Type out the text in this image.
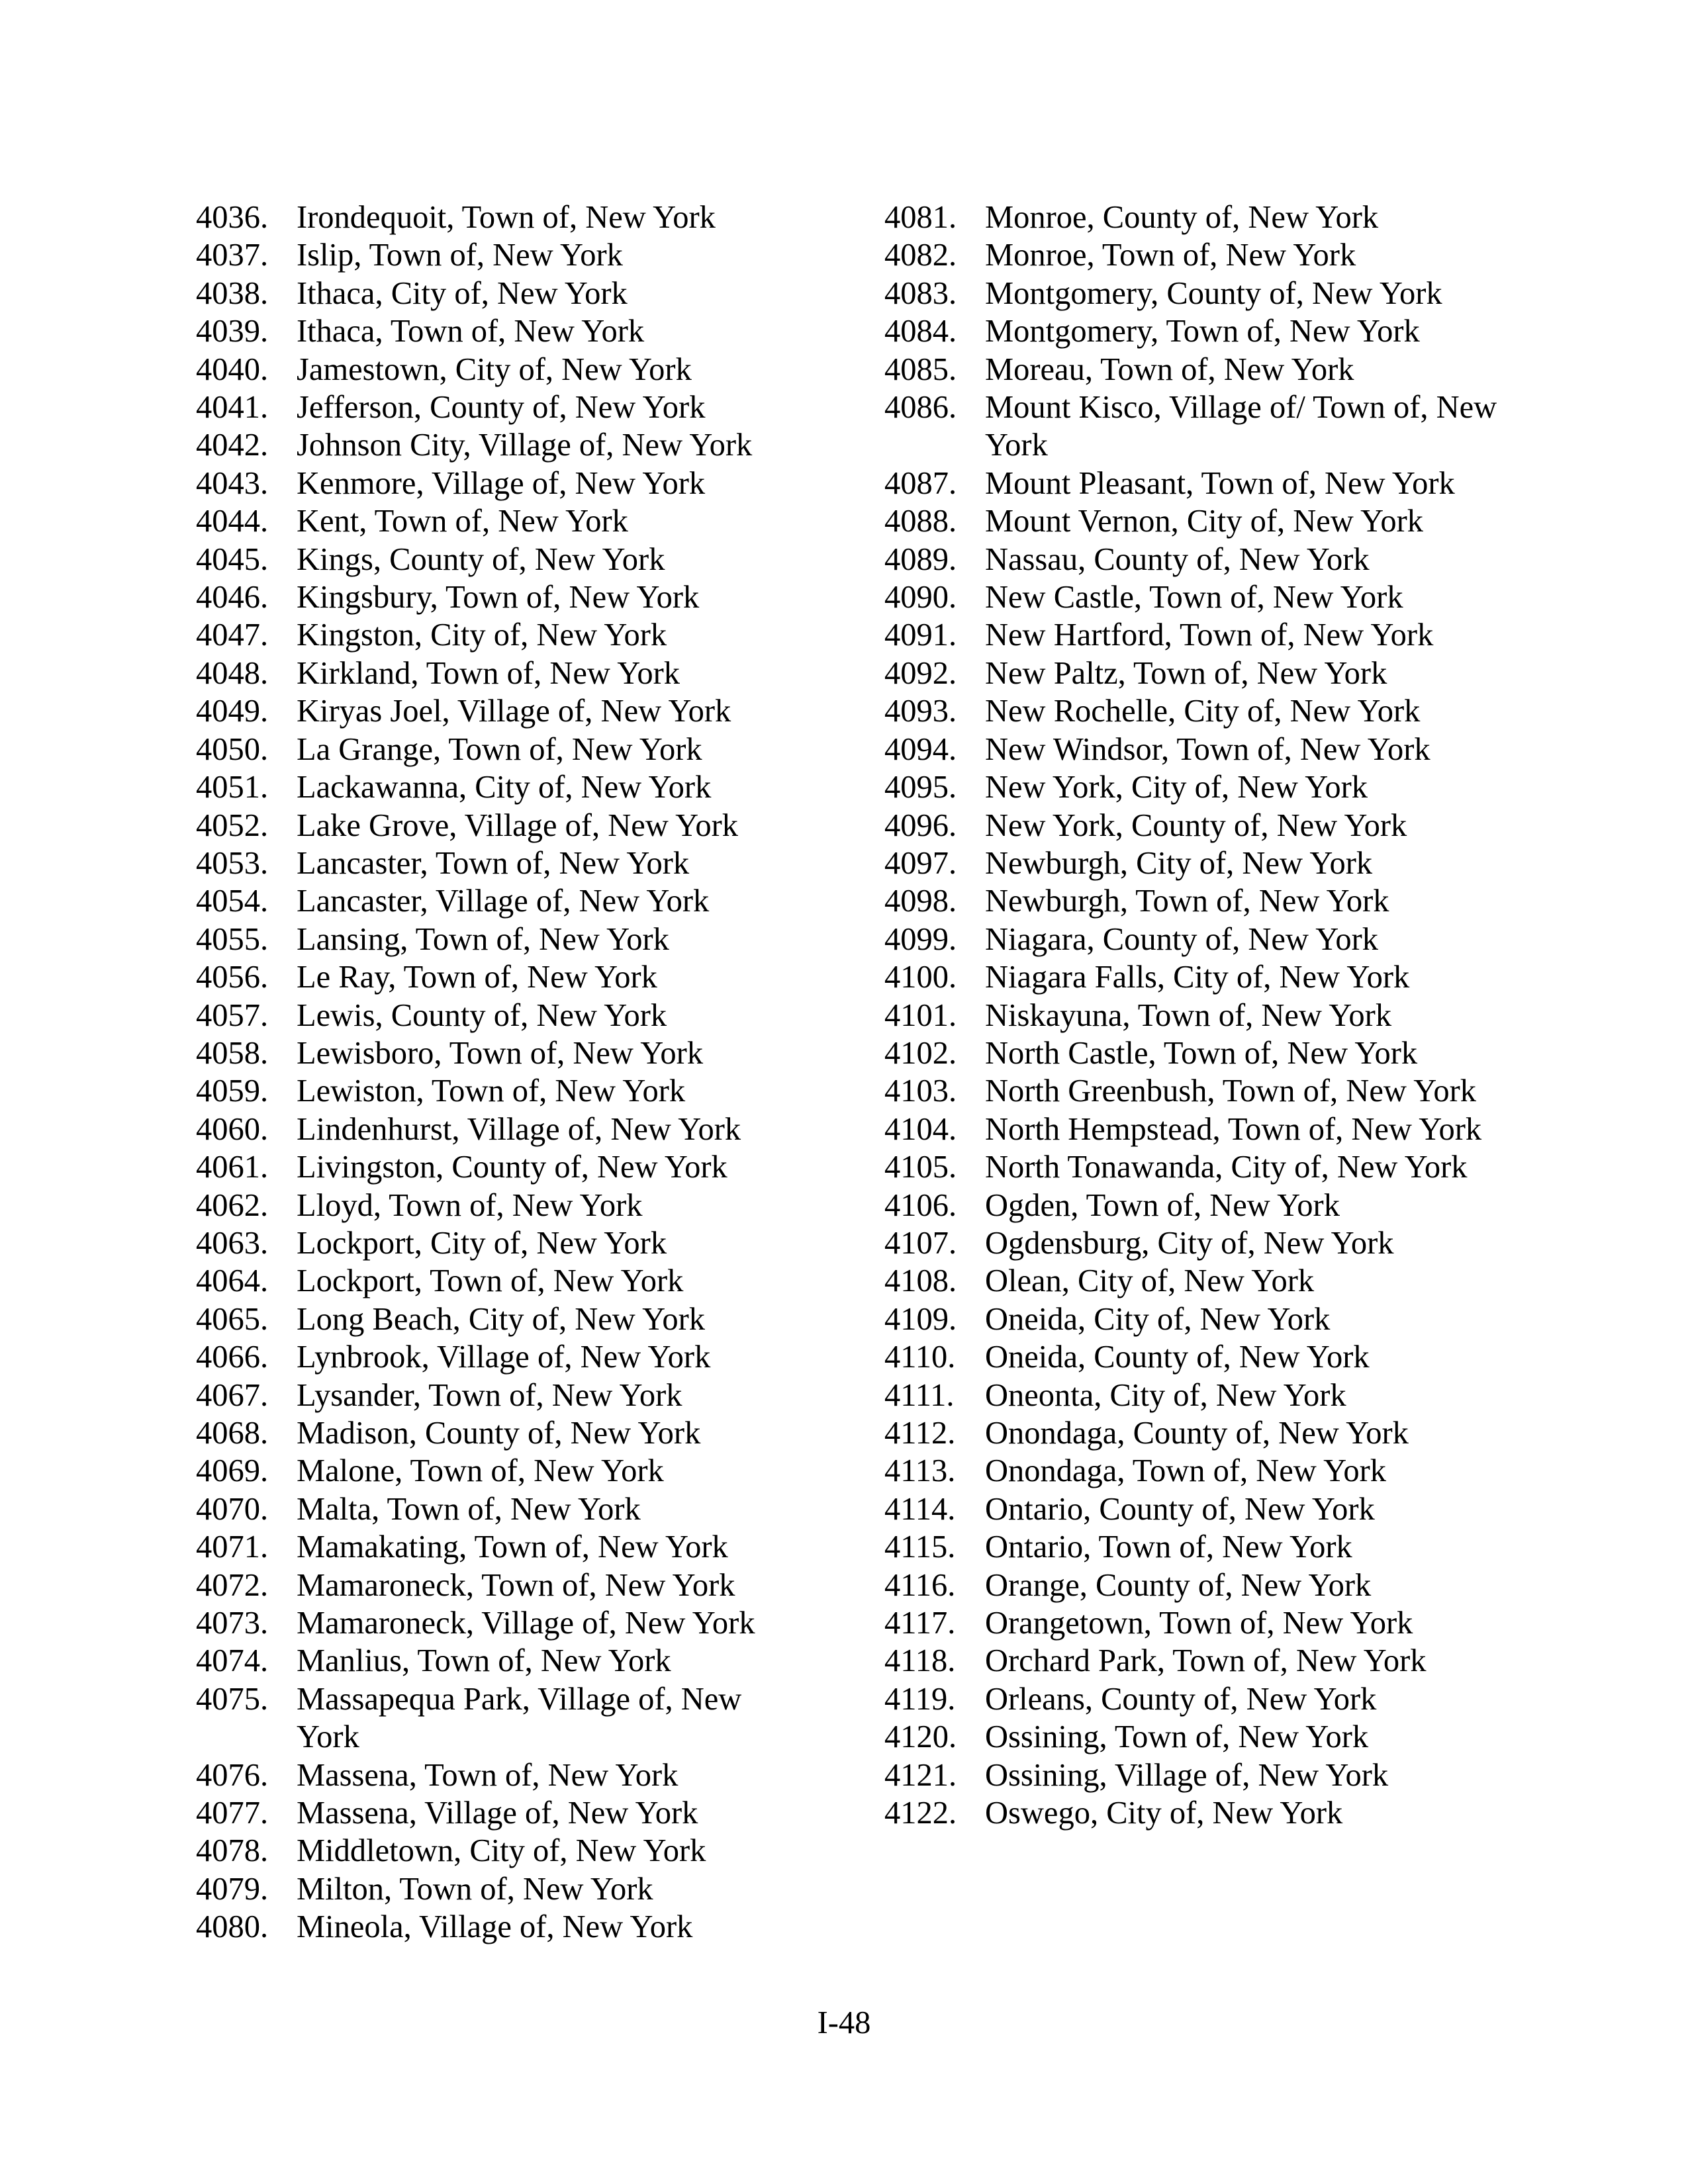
4036. Irondequoit, Town of, New York
4037. Islip, Town of, New York
4038. Ithaca, City of, New York
4039. Ithaca, Town of, New York
4040. Jamestown, City of, New York
4041. Jefferson, County of, New York
4042. Johnson City, Village of, New York
4043. Kenmore, Village of, New York
4044. Kent, Town of, New York
4045. Kings, County of, New York
4046. Kingsbury, Town of, New York
4047. Kingston, City of, New York
4048. Kirkland, Town of, New York
4049. Kiryas Joel, Village of, New York
4050. La Grange, Town of, New York
4051. Lackawanna, City of, New York
4052. Lake Grove, Village of, New York
4053. Lancaster, Town of, New York
4054. Lancaster, Village of, New York
4055. Lansing, Town of, New York
4056. Le Ray, Town of, New York
4057. Lewis, County of, New York
4058. Lewisboro, Town of, New York
4059. Lewiston, Town of, New York
4060. Lindenhurst, Village of, New York
4061. Livingston, County of, New York
4062. Lloyd, Town of, New York
4063. Lockport, City of, New York
4064. Lockport, Town of, New York
4065. Long Beach, City of, New York
4066. Lynbrook, Village of, New York
4067. Lysander, Town of, New York
4068. Madison, County of, New York
4069. Malone, Town of, New York
4070. Malta, Town of, New York
4071. Mamakating, Town of, New York
4072. Mamaroneck, Town of, New York
4073. Mamaroneck, Village of, New York
4074. Manlius, Town of, New York
4075. Massapequa Park, Village of, New York
4076. Massena, Town of, New York
4077. Massena, Village of, New York
4078. Middletown, City of, New York
4079. Milton, Town of, New York
4080. Mineola, Village of, New York
4081. Monroe, County of, New York
4082. Monroe, Town of, New York
4083. Montgomery, County of, New York
4084. Montgomery, Town of, New York
4085. Moreau, Town of, New York
4086. Mount Kisco, Village of/ Town of, New York
4087. Mount Pleasant, Town of, New York
4088. Mount Vernon, City of, New York
4089. Nassau, County of, New York
4090. New Castle, Town of, New York
4091. New Hartford, Town of, New York
4092. New Paltz, Town of, New York
4093. New Rochelle, City of, New York
4094. New Windsor, Town of, New York
4095. New York, City of, New York
4096. New York, County of, New York
4097. Newburgh, City of, New York
4098. Newburgh, Town of, New York
4099. Niagara, County of, New York
4100. Niagara Falls, City of, New York
4101. Niskayuna, Town of, New York
4102. North Castle, Town of, New York
4103. North Greenbush, Town of, New York
4104. North Hempstead, Town of, New York
4105. North Tonawanda, City of, New York
4106. Ogden, Town of, New York
4107. Ogdensburg, City of, New York
4108. Olean, City of, New York
4109. Oneida, City of, New York
4110. Oneida, County of, New York
4111. Oneonta, City of, New York
4112. Onondaga, County of, New York
4113. Onondaga, Town of, New York
4114. Ontario, County of, New York
4115. Ontario, Town of, New York
4116. Orange, County of, New York
4117. Orangetown, Town of, New York
4118. Orchard Park, Town of, New York
4119. Orleans, County of, New York
4120. Ossining, Town of, New York
4121. Ossining, Village of, New York
4122. Oswego, City of, New York
I-48
